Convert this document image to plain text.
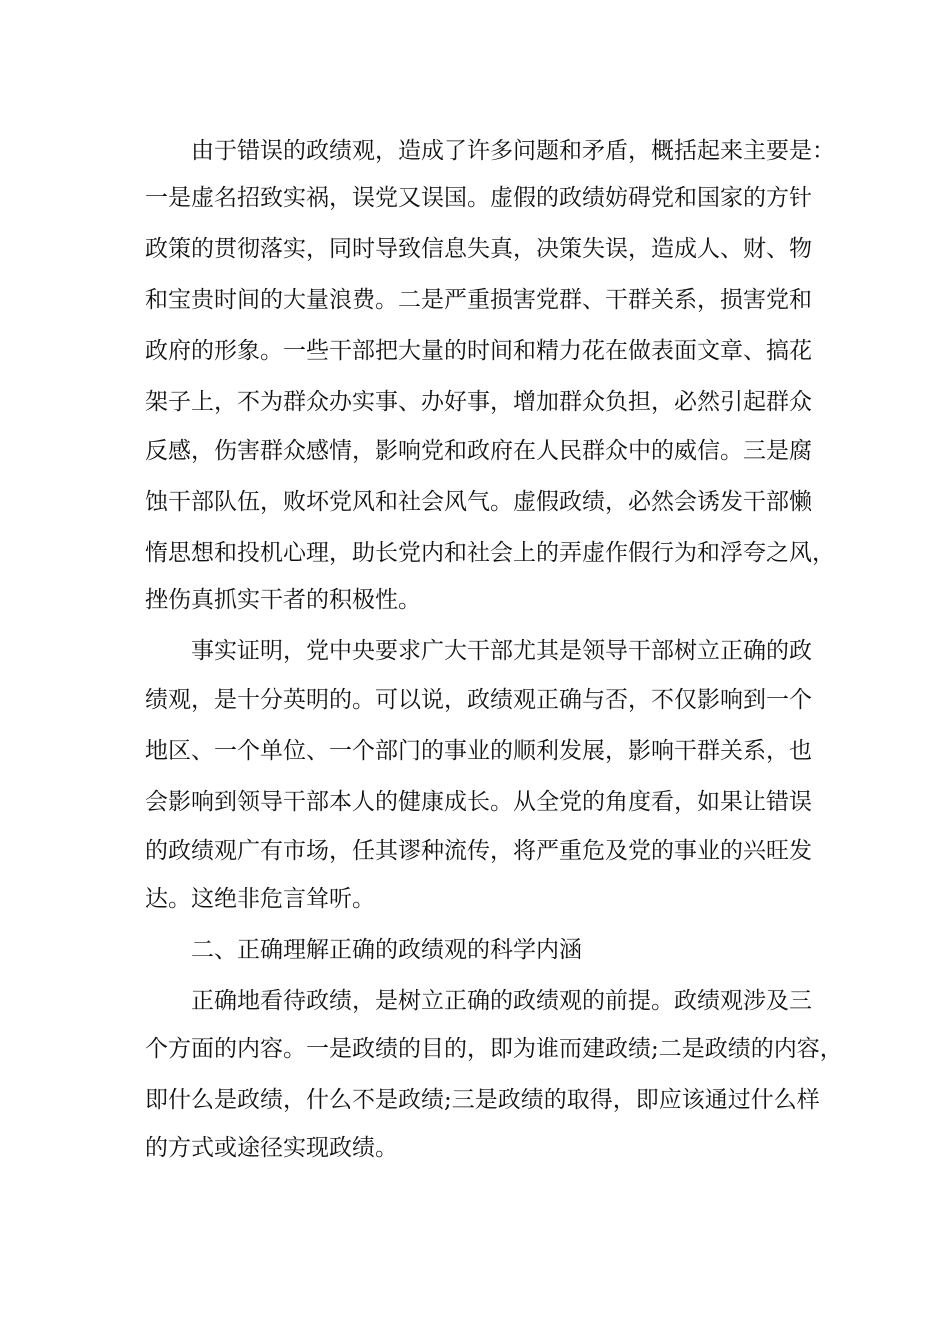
由于错误的政绩观，造成了许多问题和矛盾，概括起来主要是：
一是虚名招致实祸，误党又误国。虚假的政绩妨碍党和国家的方针
政策的贯彻落实，同时导致信息失真，决策失误，造成人、财、物
和宝贵时间的大量浪费。二是严重损害党群、干群关系，损害党和
政府的形象。一些干部把大量的时间和精力花在做表面文章、搞花
架子上，不为群众办实事、办好事，增加群众负担，必然引起群众
反感，伤害群众感情，影响党和政府在人民群众中的威信。三是腐
蚀干部队伍，败坏党风和社会风气。虚假政绩，必然会诱发干部懒
惰思想和投机心理，助长党内和社会上的弄虚作假行为和浮夸之风，
挫伤真抓实干者的积极性。
事实证明，党中央要求广大干部尤其是领导干部树立正确的政
绩观，是十分英明的。可以说，政绩观正确与否，不仅影响到一个
地区、一个单位、一个部门的事业的顺利发展，影响干群关系，也
会影响到领导干部本人的健康成长。从全党的角度看，如果让错误
的政绩观广有市场，任其谬种流传，将严重危及党的事业的兴旺发
达。这绝非危言耸听。
二、正确理解正确的政绩观的科学内涵
正确地看待政绩，是树立正确的政绩观的前提。政绩观涉及三
个方面的内容。一是政绩的目的，即为谁而建政绩;二是政绩的内容，
即什么是政绩，什么不是政绩;三是政绩的取得，即应该通过什么样
的方式或途径实现政绩。
